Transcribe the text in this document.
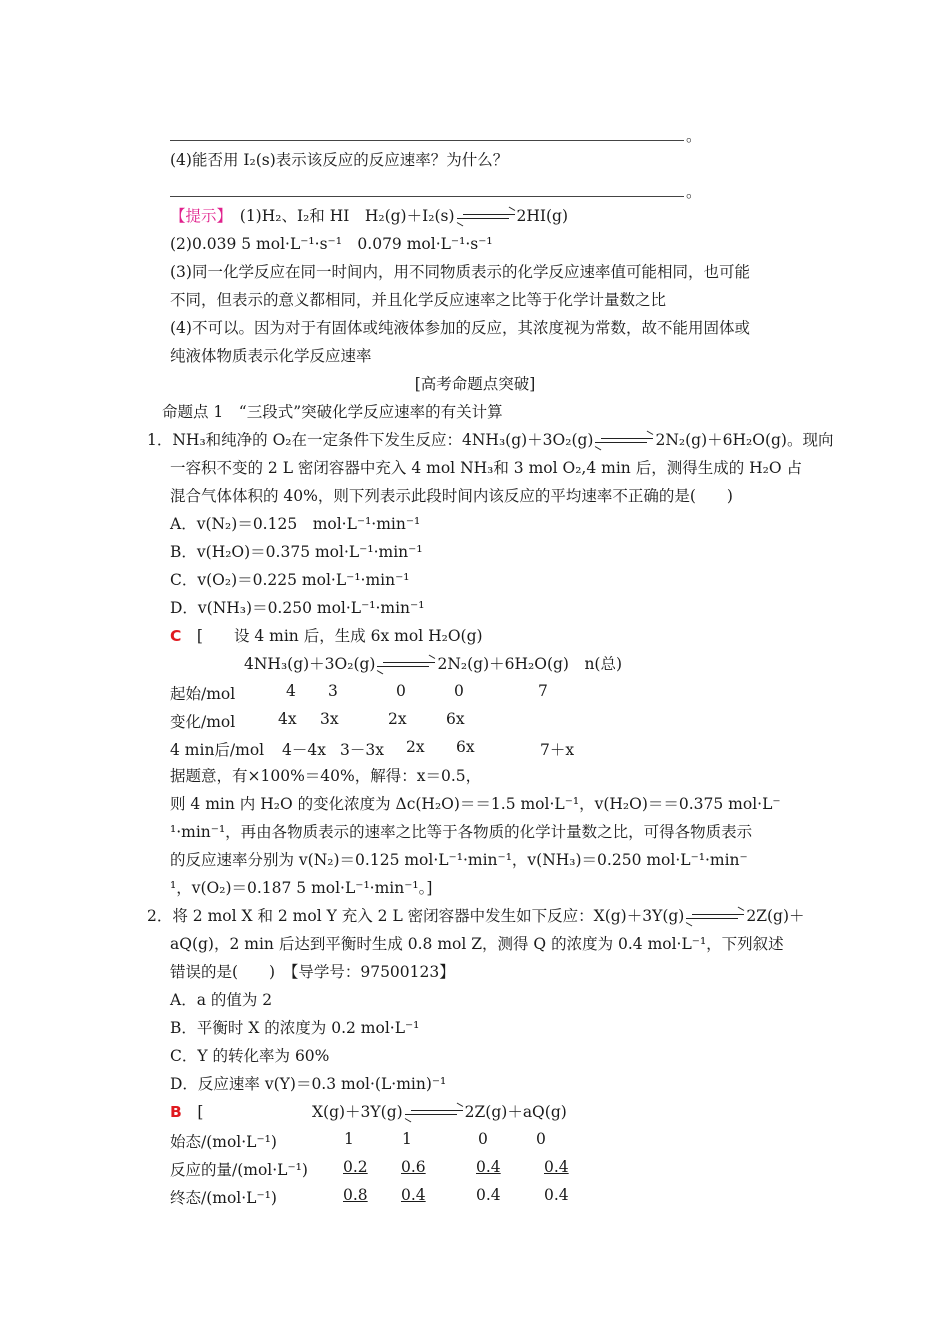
。
(4)能否用 I₂(s)表示该反应的反应速率？为什么？
。
【提示】　(1)H₂、I₂和 HI　H₂(g)＋I₂(s)	2HI(g)
(2)0.039 5 mol·L⁻¹·s⁻¹　0.079 mol·L⁻¹·s⁻¹
(3)同一化学反应在同一时间内，用不同物质表示的化学反应速率值可能相同，也可能
不同，但表示的意义都相同，并且化学反应速率之比等于化学计量数之比
(4)不可以。因为对于有固体或纯液体参加的反应，其浓度视为常数，故不能用固体或
纯液体物质表示化学反应速率
[高考命题点突破]
命题点 1　“三段式”突破化学反应速率的有关计算
1．NH₃和纯净的 O₂在一定条件下发生反应：4NH₃(g)＋3O₂(g)	2N₂(g)＋6H₂O(g)。现向
一容积不变的 2 L 密闭容器中充入 4 mol NH₃和 3 mol O₂,4 min 后，测得生成的 H₂O 占
混合气体体积的 40%，则下列表示此段时间内该反应的平均速率不正确的是(　　)
A．v(N₂)＝0.125　mol·L⁻¹·min⁻¹
B．v(H₂O)＝0.375 mol·L⁻¹·min⁻¹
C．v(O₂)＝0.225 mol·L⁻¹·min⁻¹
D．v(NH₃)＝0.250 mol·L⁻¹·min⁻¹
C　[　　设 4 min 后，生成 6x mol H₂O(g)
4NH₃(g)＋3O₂(g)	2N₂(g)＋6H₂O(g)　n(总)
起始/mol	4 3	0	0	7
变化/mol	4x 3x	2x	6x
4 min后/mol 4－4x 3－3x 2x 6x	7＋x
据题意，有×100%＝40%，解得：x＝0.5，
则 4 min 内 H₂O 的变化浓度为 Δc(H₂O)＝＝1.5 mol·L⁻¹，v(H₂O)＝＝0.375 mol·L⁻
¹·min⁻¹，再由各物质表示的速率之比等于各物质的化学计量数之比，可得各物质表示
的反应速率分别为 v(N₂)＝0.125 mol·L⁻¹·min⁻¹，v(NH₃)＝0.250 mol·L⁻¹·min⁻
¹，v(O₂)＝0.187 5 mol·L⁻¹·min⁻¹。]
2．将 2 mol X 和 2 mol Y 充入 2 L 密闭容器中发生如下反应：X(g)＋3Y(g)	2Z(g)＋
aQ(g)，2 min 后达到平衡时生成 0.8 mol Z，测得 Q 的浓度为 0.4 mol·L⁻¹，下列叙述
错误的是(　　)　【导学号：97500123】
A．a 的值为 2
B．平衡时 X 的浓度为 0.2 mol·L⁻¹
C．Y 的转化率为 60%
D．反应速率 v(Y)＝0.3 mol·(L·min)⁻¹
B　[	X(g)＋3Y(g)	2Z(g)＋aQ(g)
始态/(mol·L⁻¹)	1	1	0	0
反应的量/(mol·L⁻¹) 0.2 0.6	0.4	0.4
终态/(mol·L⁻¹)	0.8 0.4	0.4	0.4
